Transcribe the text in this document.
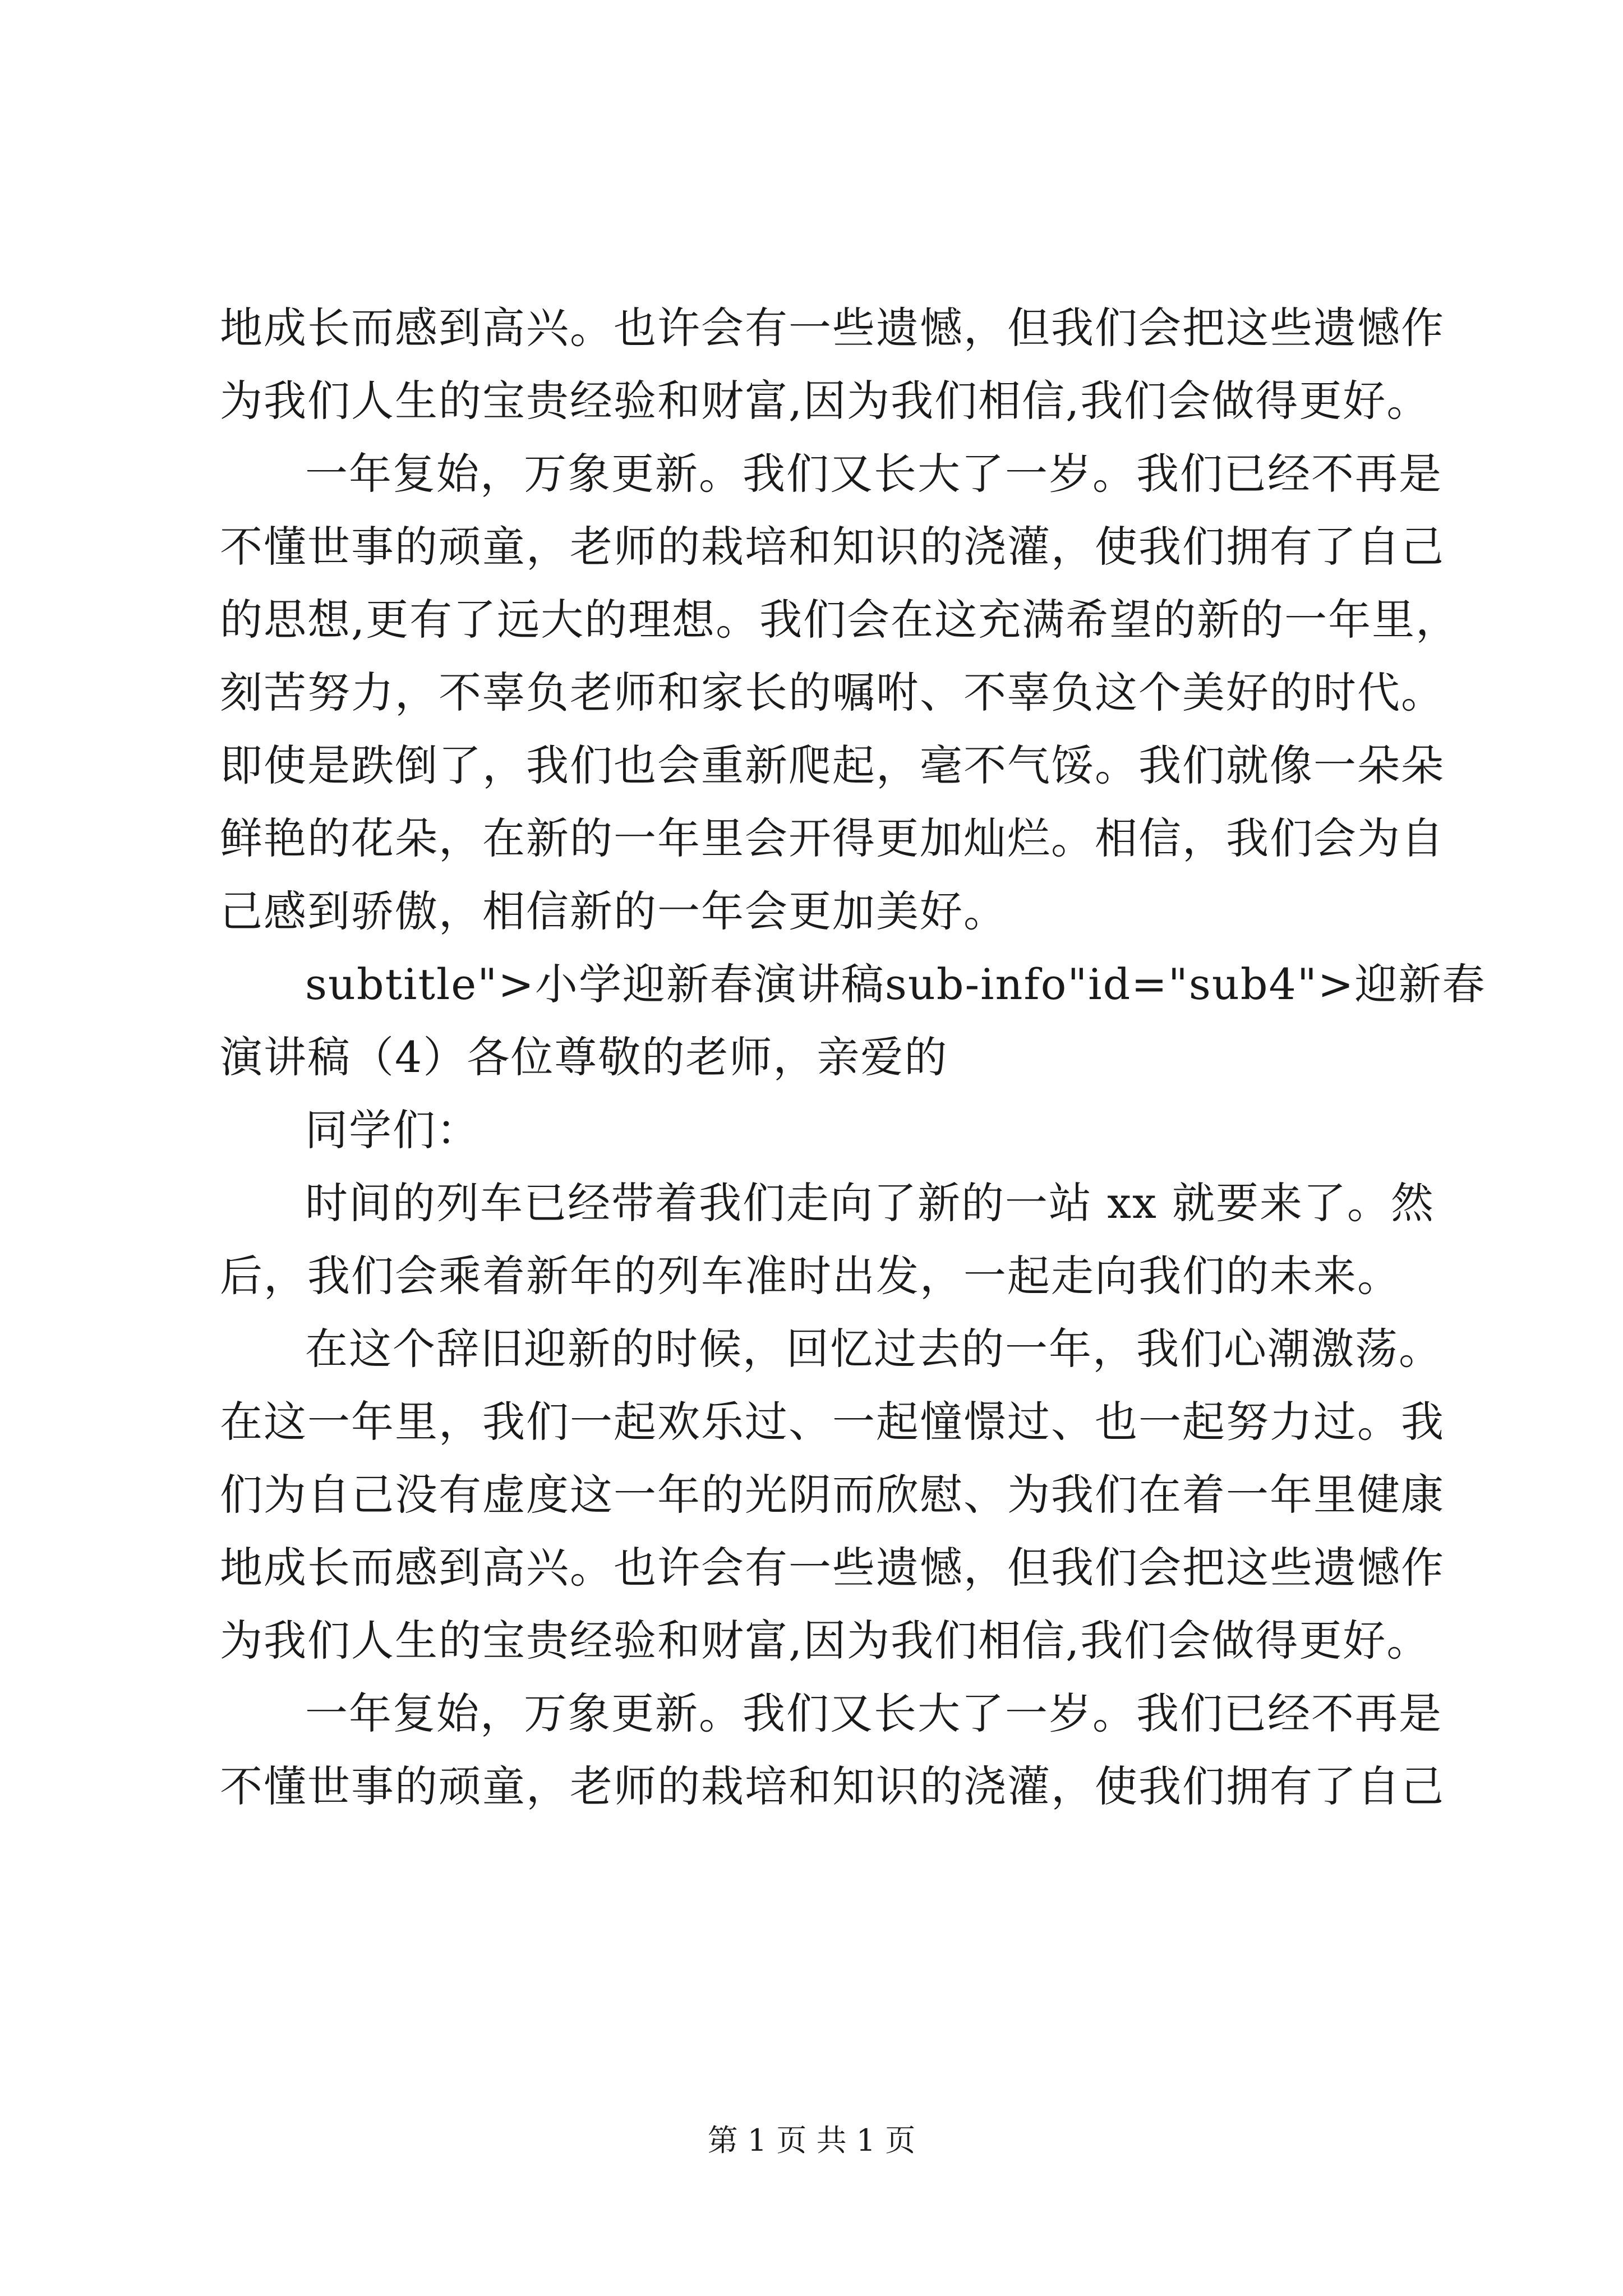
地成长而感到高兴。也许会有一些遗憾，但我们会把这些遗憾作
为我们人生的宝贵经验和财富,因为我们相信,我们会做得更好。
一年复始，万象更新。我们又长大了一岁。我们已经不再是
不懂世事的顽童，老师的栽培和知识的浇灌，使我们拥有了自己
的思想,更有了远大的理想。我们会在这充满希望的新的一年里，
刻苦努力，不辜负老师和家长的嘱咐、不辜负这个美好的时代。
即使是跌倒了，我们也会重新爬起，毫不气馁。我们就像一朵朵
鲜艳的花朵，在新的一年里会开得更加灿烂。相信，我们会为自
己感到骄傲，相信新的一年会更加美好。
subtitle">小学迎新春演讲稿sub-info"id="sub4">迎新春
演讲稿（4）各位尊敬的老师，亲爱的
同学们：
时间的列车已经带着我们走向了新的一站 xx 就要来了。然
后，我们会乘着新年的列车准时出发，一起走向我们的未来。
在这个辞旧迎新的时候，回忆过去的一年，我们心潮激荡。
在这一年里，我们一起欢乐过、一起憧憬过、也一起努力过。我
们为自己没有虚度这一年的光阴而欣慰、为我们在着一年里健康
地成长而感到高兴。也许会有一些遗憾，但我们会把这些遗憾作
为我们人生的宝贵经验和财富,因为我们相信,我们会做得更好。
一年复始，万象更新。我们又长大了一岁。我们已经不再是
不懂世事的顽童，老师的栽培和知识的浇灌，使我们拥有了自己
第 1 页 共 1 页
